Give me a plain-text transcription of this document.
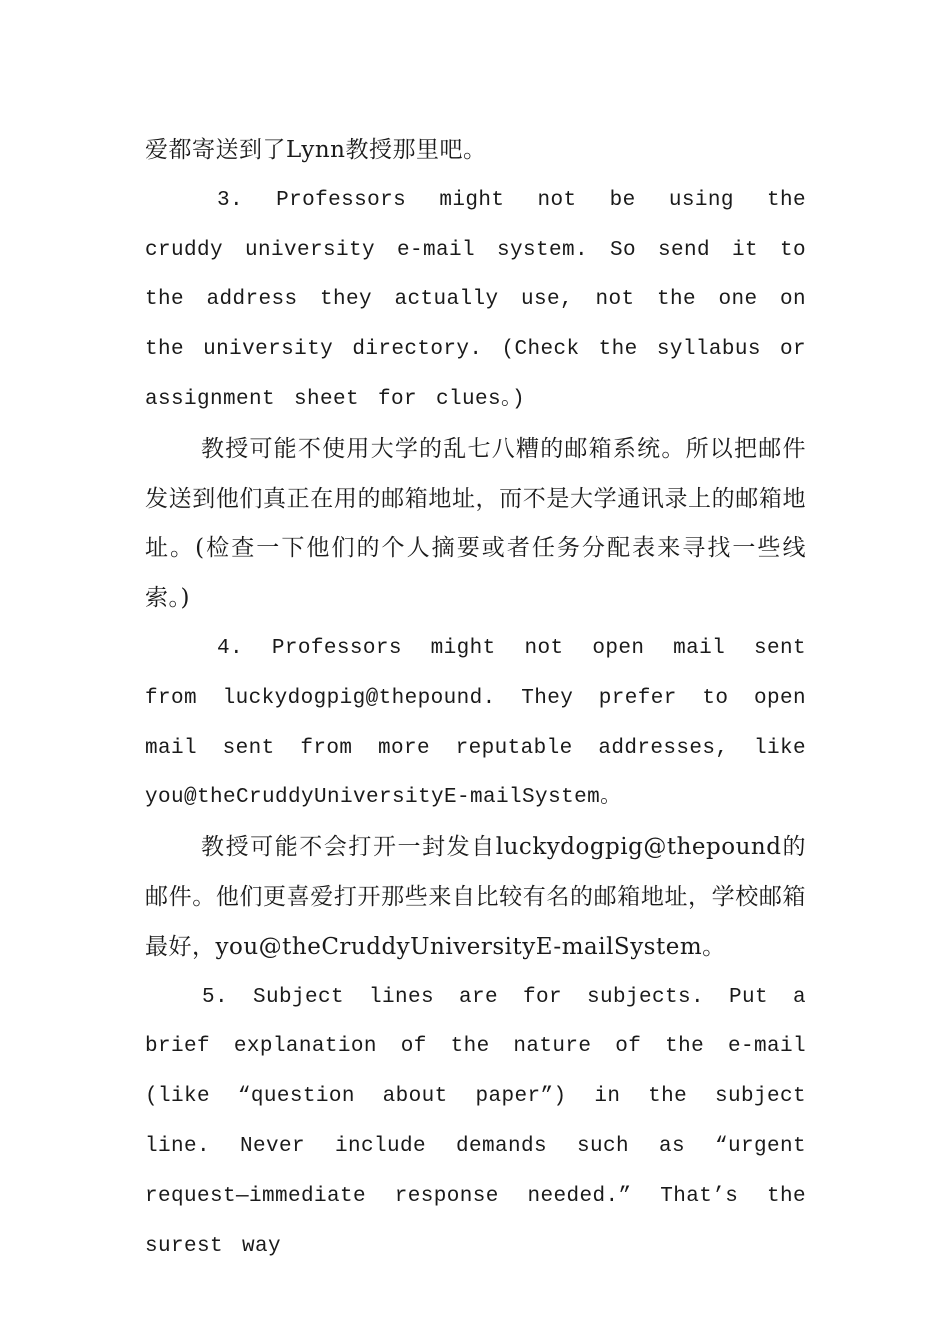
爱都寄送到了Lynn教授那里吧。

3. Professors might not be using the cruddy university e-mail system. So send it to the address they actually use, not the one on the university directory. (Check the syllabus or assignment sheet for clues。)

教授可能不使用大学的乱七八糟的邮箱系统。所以把邮件发送到他们真正在用的邮箱地址，而不是大学通讯录上的邮箱地址。(检查一下他们的个人摘要或者任务分配表来寻找一些线索。)

4. Professors might not open mail sent from luckydogpig@thepound. They prefer to open mail sent from more reputable addresses, like you@theCruddyUniversityE-mailSystem。

教授可能不会打开一封发自luckydogpig@thepound的邮件。他们更喜爱打开那些来自比较有名的邮箱地址，学校邮箱最好，you@theCruddyUniversityE-mailSystem。

5. Subject lines are for subjects. Put a brief explanation of the nature of the e-mail (like “question about paper”) in the subject line. Never include demands such as “urgent request—immediate response needed.” That’s the surest way
